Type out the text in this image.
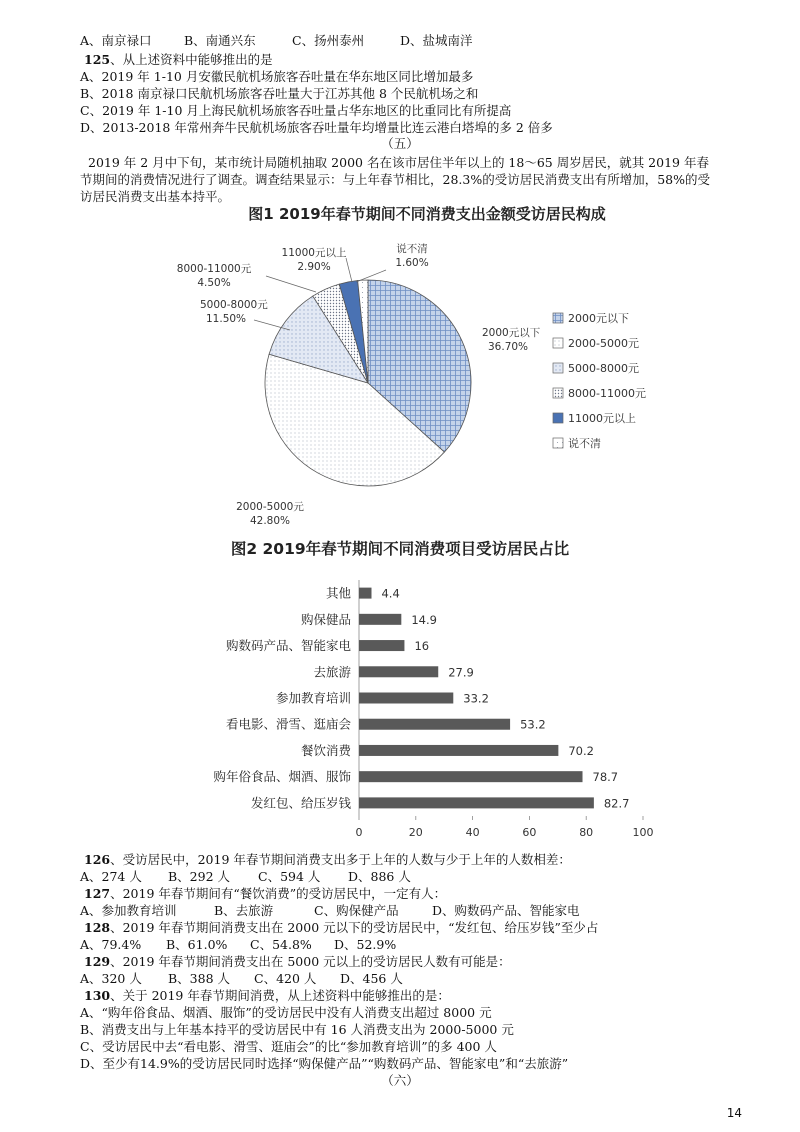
A、南京禄口	B、南通兴东	C、扬州泰州	D、盐城南洋
125、从上述资料中能够推出的是
A、2019 年 1-10 月安徽民航机场旅客吞吐量在华东地区同比增加最多
B、2018 南京禄口民航机场旅客吞吐量大于江苏其他 8 个民航机场之和
C、2019 年 1-10 月上海民航机场旅客吞吐量占华东地区的比重同比有所提高
D、2013-2018 年常州奔牛民航机场旅客吞吐量年均增量比连云港白塔埠的多 2 倍多
（五）
2019 年 2 月中下旬，某市统计局随机抽取 2000 名在该市居住半年以上的 18～65 周岁居民，就其 2019 年春
节期间的消费情况进行了调查。调查结果显示：与上年春节相比，28.3%的受访居民消费支出有所增加，58%的受
访居民消费支出基本持平。
图1 2019年春节期间不同消费支出金额受访居民构成
2000元以下
36.70%
2000-5000元
42.80%
5000-8000元
11.50%
8000-11000元
4.50%
11000元以上
2.90%
说不清
1.60%
2000元以下
2000-5000元
5000-8000元
8000-11000元
11000元以上
说不清
图2 2019年春节期间不同消费项目受访居民占比
0	20	40	60	80	100
其他	4.4
购保健品	14.9
购数码产品、智能家电	16
去旅游	27.9
参加教育培训	33.2
看电影、滑雪、逛庙会	53.2
餐饮消费	70.2
购年俗食品、烟酒、服饰	78.7
发红包、给压岁钱	82.7
126、受访居民中，2019 年春节期间消费支出多于上年的人数与少于上年的人数相差：
A、274 人 B、292 人 C、594 人 D、886 人
127、2019 年春节期间有“餐饮消费”的受访居民中，一定有人：
A、参加教育培训	B、去旅游	C、购保健产品	D、购数码产品、智能家电
128、2019 年春节期间消费支出在 2000 元以下的受访居民中，“发红包、给压岁钱”至少占
A、79.4% B、61.0% C、54.8% D、52.9%
129、2019 年春节期间消费支出在 5000 元以上的受访居民人数有可能是：
A、320 人 B、388 人 C、420 人 D、456 人
130、关于 2019 年春节期间消费，从上述资料中能够推出的是：
A、“购年俗食品、烟酒、服饰”的受访居民中没有人消费支出超过 8000 元
B、消费支出与上年基本持平的受访居民中有 16 人消费支出为 2000-5000 元
C、受访居民中去“看电影、滑雪、逛庙会”的比“参加教育培训”的多 400 人
D、至少有14.9%的受访居民同时选择“购保健产品”“购数码产品、智能家电”和“去旅游”
（六）
14
